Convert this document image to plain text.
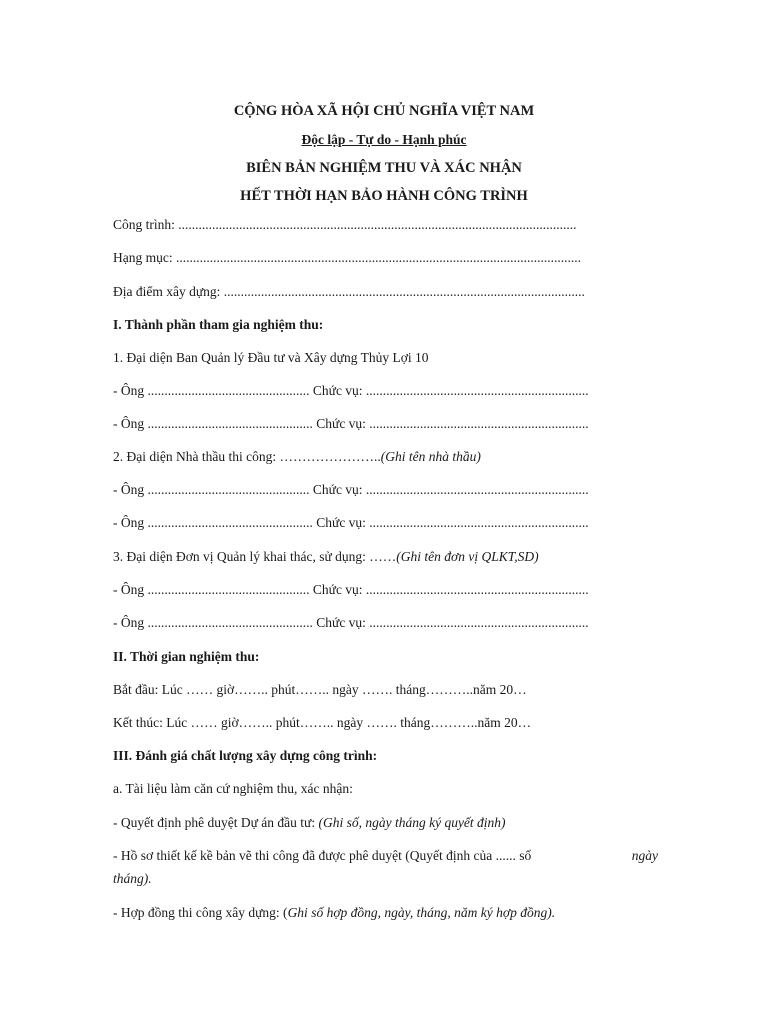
CỘNG HÒA XÃ HỘI CHỦ NGHĨA VIỆT NAM
Độc lập - Tự do - Hạnh phúc
BIÊN BẢN NGHIỆM THU VÀ XÁC NHẬN
HẾT THỜI HẠN BẢO HÀNH CÔNG TRÌNH
Công trình: ......................................................................................................................
Hạng mục: ........................................................................................................................
Địa điểm xây dựng: ...........................................................................................................
I. Thành phần tham gia nghiệm thu:
1. Đại diện Ban Quản lý Đầu tư và Xây dựng Thủy Lợi 10
- Ông ................................................ Chức vụ: ..................................................................
- Ông ................................................. Chức vụ: .................................................................
2. Đại diện Nhà thầu thi công: …………………..(Ghi tên nhà thầu)
- Ông ................................................ Chức vụ: ..................................................................
- Ông ................................................. Chức vụ: .................................................................
3. Đại diện Đơn vị Quản lý khai thác, sử dụng: ……(Ghi tên đơn vị QLKT,SD)
- Ông ................................................ Chức vụ: ..................................................................
- Ông ................................................. Chức vụ: .................................................................
II. Thời gian nghiệm thu:
Bắt đầu: Lúc …… giờ…….. phút…….. ngày ……. tháng………..năm 20…
Kết thúc: Lúc …… giờ…….. phút…….. ngày ……. tháng………..năm 20…
III. Đánh giá chất lượng xây dựng công trình:
a. Tài liệu làm căn cứ nghiệm thu, xác nhận:
- Quyết định phê duyệt Dự án đầu tư: (Ghi số, ngày tháng ký quyết định)
- Hồ sơ thiết kế kề bản vẽ thi công đã được phê duyệt (Quyết định của ...... số	ngày
tháng).
- Hợp đồng thi công xây dựng: (Ghi số hợp đồng, ngày, tháng, năm ký hợp đồng).
